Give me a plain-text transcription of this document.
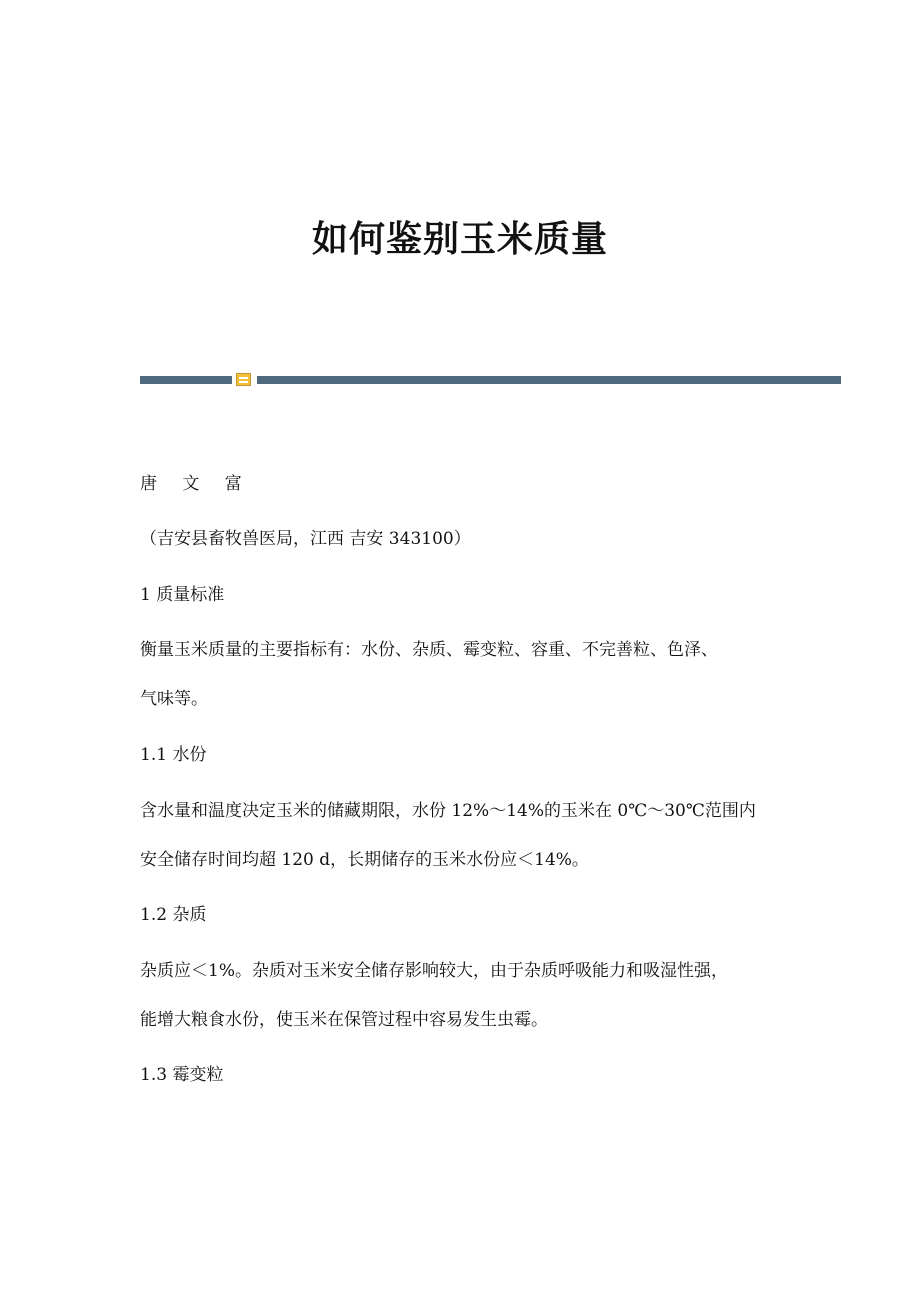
如何鉴别玉米质量

唐 文 富

（吉安县畜牧兽医局，江西 吉安 343100）

1 质量标准

衡量玉米质量的主要指标有：水份、杂质、霉变粒、容重、不完善粒、色泽、

气味等。

1.1 水份

含水量和温度决定玉米的储藏期限，水份 12%～14%的玉米在 0℃～30℃范围内

安全储存时间均超 120 d，长期储存的玉米水份应＜14%。

1.2 杂质

杂质应＜1%。杂质对玉米安全储存影响较大，由于杂质呼吸能力和吸湿性强，

能增大粮食水份，使玉米在保管过程中容易发生虫霉。

1.3 霉变粒
